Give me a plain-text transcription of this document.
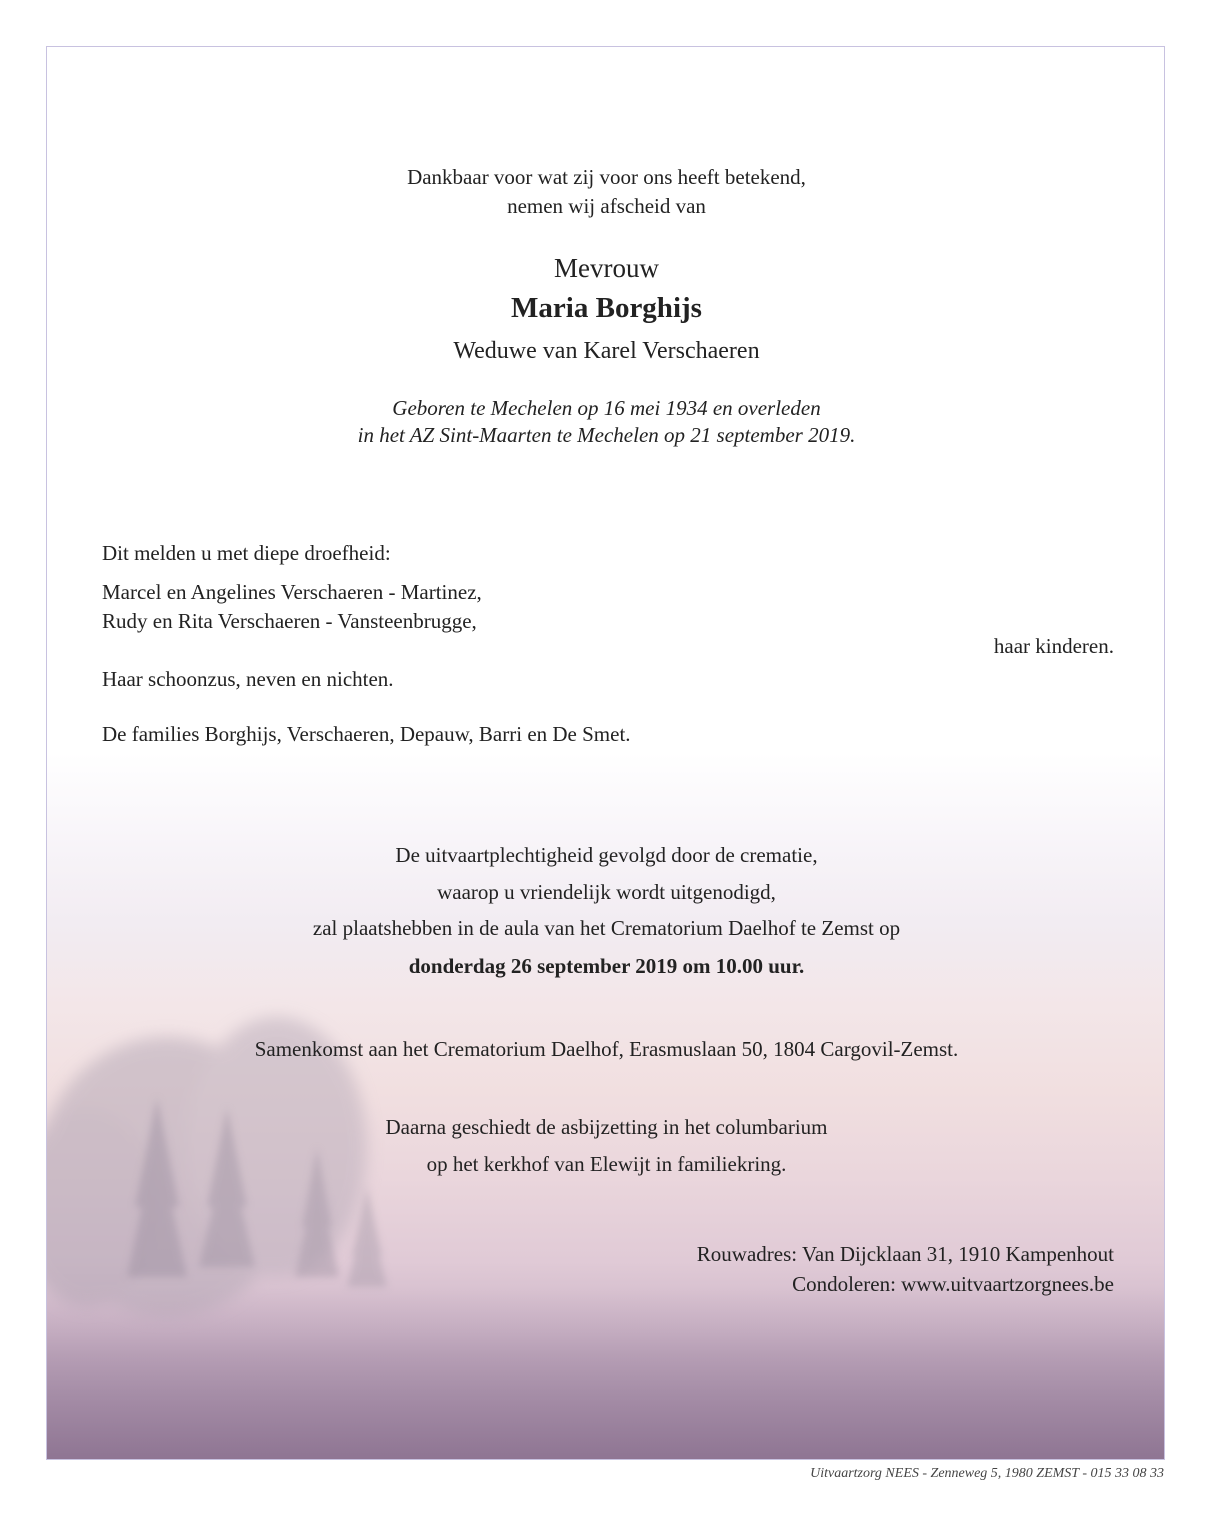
Dankbaar voor wat zij voor ons heeft betekend,
nemen wij afscheid van
Mevrouw
Maria Borghijs
Weduwe van Karel Verschaeren
Geboren te Mechelen op 16 mei 1934 en overleden
in het AZ Sint-Maarten te Mechelen op 21 september 2019.
Dit melden u met diepe droefheid:
Marcel en Angelines Verschaeren - Martinez,
Rudy en Rita Verschaeren - Vansteenbrugge,
haar kinderen.
Haar schoonzus, neven en nichten.
De families Borghijs, Verschaeren, Depauw, Barri en De Smet.
De uitvaartplechtigheid gevolgd door de crematie,
waarop u vriendelijk wordt uitgenodigd,
zal plaatshebben in de aula van het Crematorium Daelhof te Zemst op
donderdag 26 september 2019 om 10.00 uur.
Samenkomst aan het Crematorium Daelhof, Erasmuslaan 50, 1804 Cargovil-Zemst.
Daarna geschiedt de asbijzetting in het columbarium
op het kerkhof van Elewijt in familiekring.
Rouwadres: Van Dijcklaan 31, 1910 Kampenhout
Condoleren: www.uitvaartzorgnees.be
Uitvaartzorg NEES - Zenneweg 5, 1980 ZEMST - 015 33 08 33
